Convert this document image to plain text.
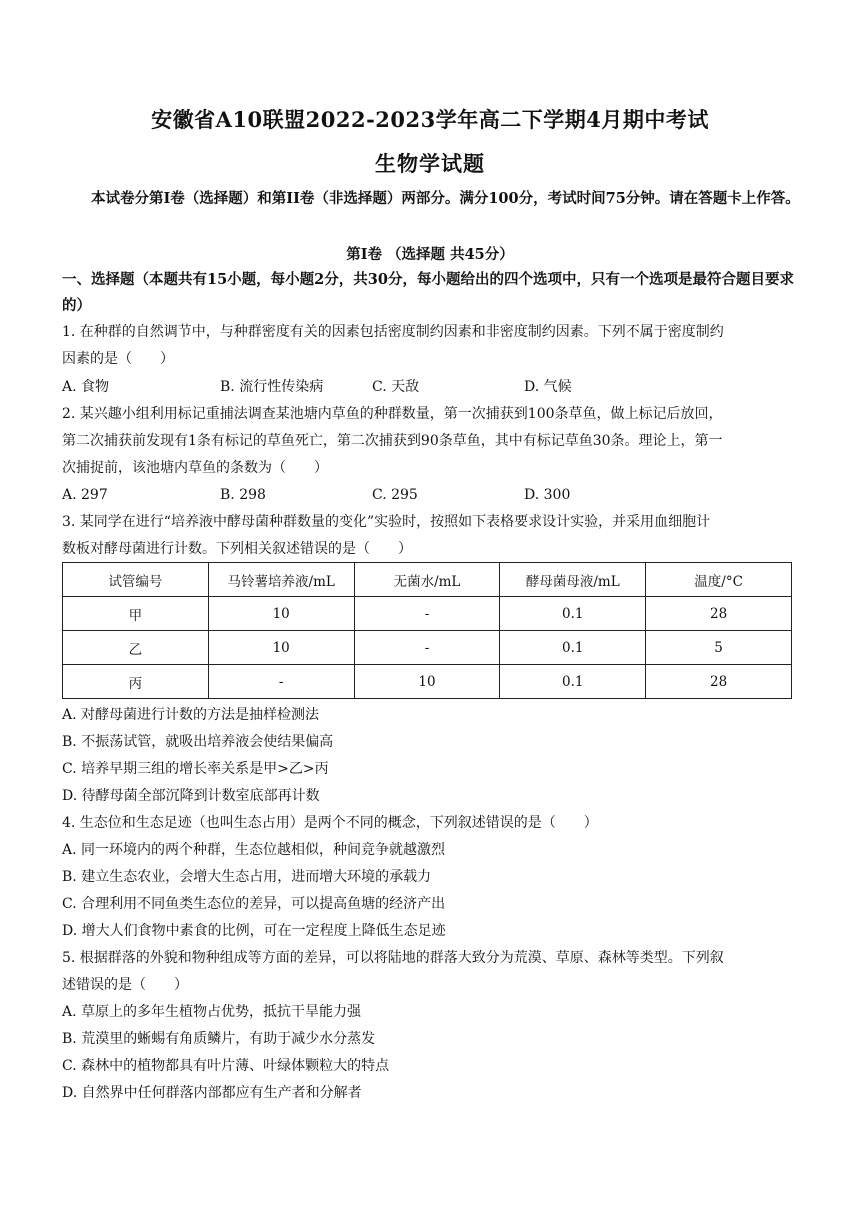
安徽省A10联盟2022-2023学年高二下学期4月期中考试
生物学试题
本试卷分第Ⅰ卷（选择题）和第II卷（非选择题）两部分。满分100分，考试时间75分钟。请在答题卡上作答。
第Ⅰ卷 （选择题 共45分）
一、选择题（本题共有15小题，每小题2分，共30分，每小题给出的四个选项中，只有一个选项是最符合题目要求的）
1. 在种群的自然调节中，与种群密度有关的因素包括密度制约因素和非密度制约因素。下列不属于密度制约
因素的是（　　）
A. 食物	B. 流行性传染病	C. 天敌	D. 气候
2. 某兴趣小组利用标记重捕法调查某池塘内草鱼的种群数量，第一次捕获到100条草鱼，做上标记后放回，
第二次捕获前发现有1条有标记的草鱼死亡，第二次捕获到90条草鱼，其中有标记草鱼30条。理论上，第一
次捕捉前，该池塘内草鱼的条数为（　　）
A. 297	B. 298	C. 295	D. 300
3. 某同学在进行“培养液中酵母菌种群数量的变化”实验时，按照如下表格要求设计实验，并采用血细胞计
数板对酵母菌进行计数。下列相关叙述错误的是（　　）
试管编号	马铃薯培养液/mL	无菌水/mL	酵母菌母液/mL	温度/°C
甲	10	-	0.1	28
乙	10	-	0.1	5
丙	-	10	0.1	28
A. 对酵母菌进行计数的方法是抽样检测法
B. 不振荡试管，就吸出培养液会使结果偏高
C. 培养早期三组的增长率关系是甲>乙>丙
D. 待酵母菌全部沉降到计数室底部再计数
4. 生态位和生态足迹（也叫生态占用）是两个不同的概念，下列叙述错误的是（　　）
A. 同一环境内的两个种群，生态位越相似，种间竞争就越激烈
B. 建立生态农业，会增大生态占用，进而增大环境的承载力
C. 合理利用不同鱼类生态位的差异，可以提高鱼塘的经济产出
D. 增大人们食物中素食的比例，可在一定程度上降低生态足迹
5. 根据群落的外貌和物种组成等方面的差异，可以将陆地的群落大致分为荒漠、草原、森林等类型。下列叙
述错误的是（　　）
A. 草原上的多年生植物占优势，抵抗干旱能力强
B. 荒漠里的蜥蜴有角质鳞片，有助于减少水分蒸发
C. 森林中的植物都具有叶片薄、叶绿体颗粒大的特点
D. 自然界中任何群落内部都应有生产者和分解者
